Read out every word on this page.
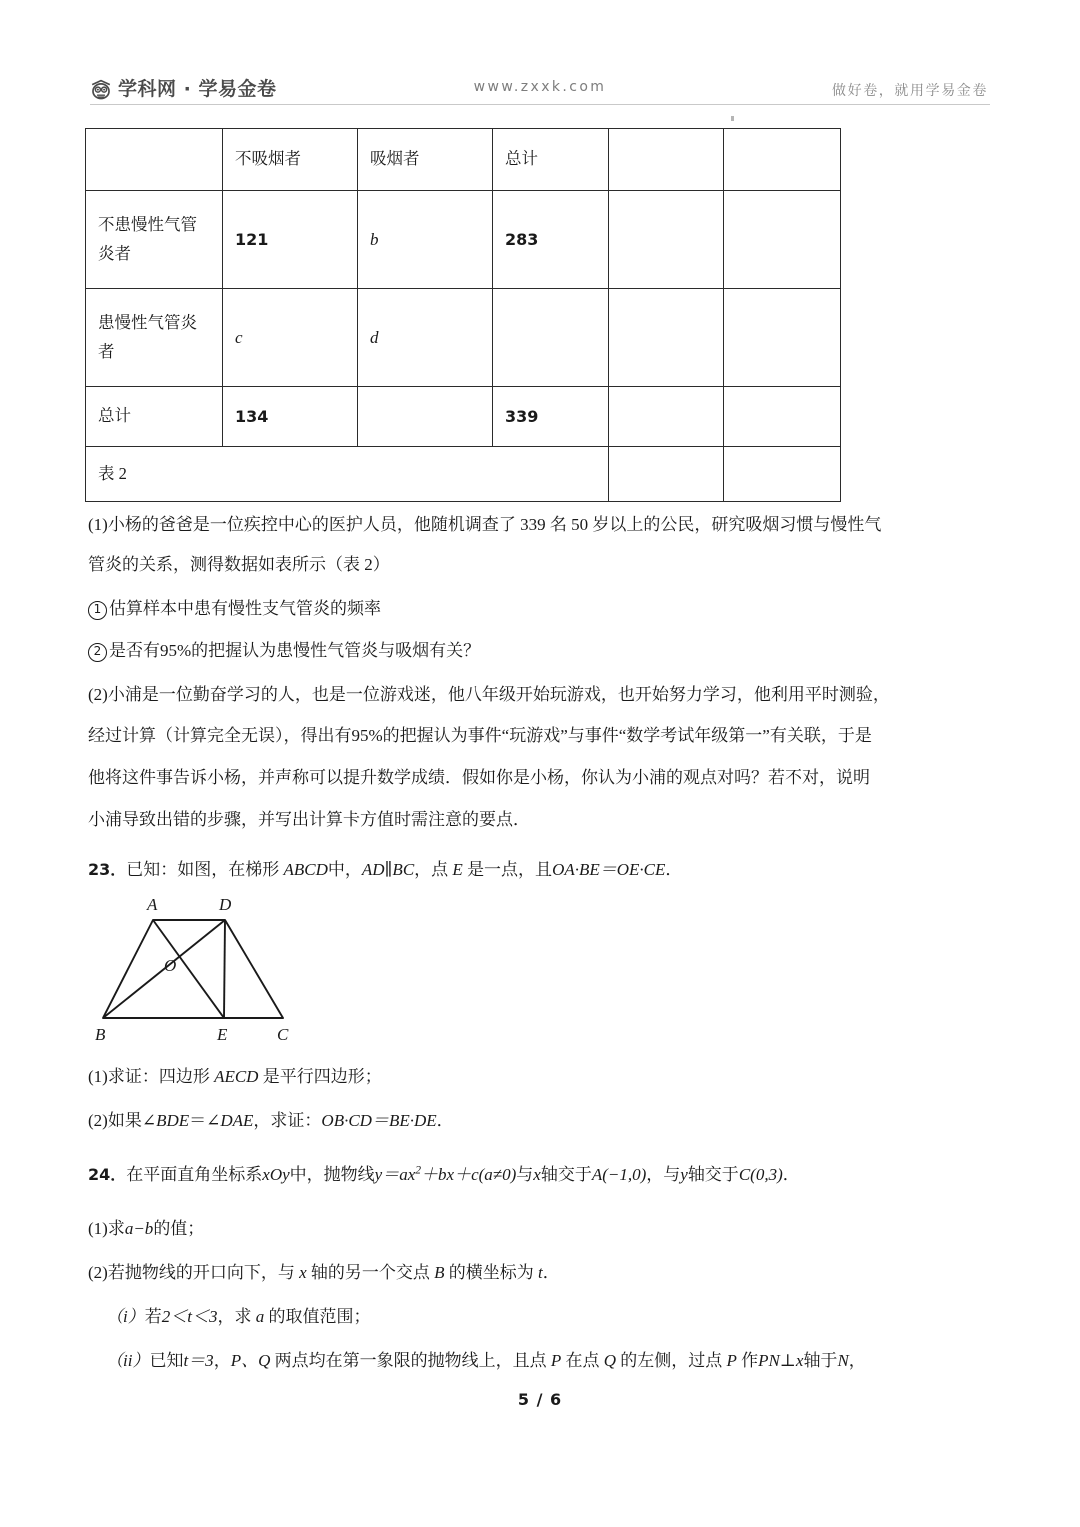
学科网 · 学易金卷	www.zxxk.com	做好卷，就用学易金卷
	不吸烟者	吸烟者	总计		
不患慢性气管炎者	121	b	283		
患慢性气管炎者	c	d			
总计	134		339		
表 2					
(1)小杨的爸爸是一位疾控中心的医护人员，他随机调查了 339 名 50 岁以上的公民，研究吸烟习惯与慢性气
管炎的关系，测得数据如表所示（表 2）
1 估算样本中患有慢性支气管炎的频率
2 是否有95%的把握认为患慢性气管炎与吸烟有关？
(2)小浦是一位勤奋学习的人，也是一位游戏迷，他八年级开始玩游戏，也开始努力学习，他利用平时测验，
经过计算（计算完全无误），得出有95%的把握认为事件“玩游戏”与事件“数学考试年级第一”有关联，于是
他将这件事告诉小杨，并声称可以提升数学成绩．假如你是小杨，你认为小浦的观点对吗？若不对，说明
小浦导致出错的步骤，并写出计算卡方值时需注意的要点．
23．已知：如图，在梯形 ABCD中，AD∥BC，点 E 是一点，且OA·BE＝OE·CE．
A	D
B	E	C
O
(1)求证：四边形 AECD 是平行四边形；
(2)如果∠BDE＝∠DAE，求证：OB·CD＝BE·DE．
24．在平面直角坐标系xOy中，抛物线$y=ax^2+bx+c(a\ne 0)$与x轴交于A(−1,0)，与y轴交于C(0,3)．
(1)求a−b的值；
(2)若抛物线的开口向下，与 x 轴的另一个交点 B 的横坐标为 t．
（i）若2＜t＜3，求 a 的取值范围；
（ii）已知t＝3，P、Q 两点均在第一象限的抛物线上，且点 P 在点 Q 的左侧，过点 P 作PN⊥x轴于N，
5 / 6
